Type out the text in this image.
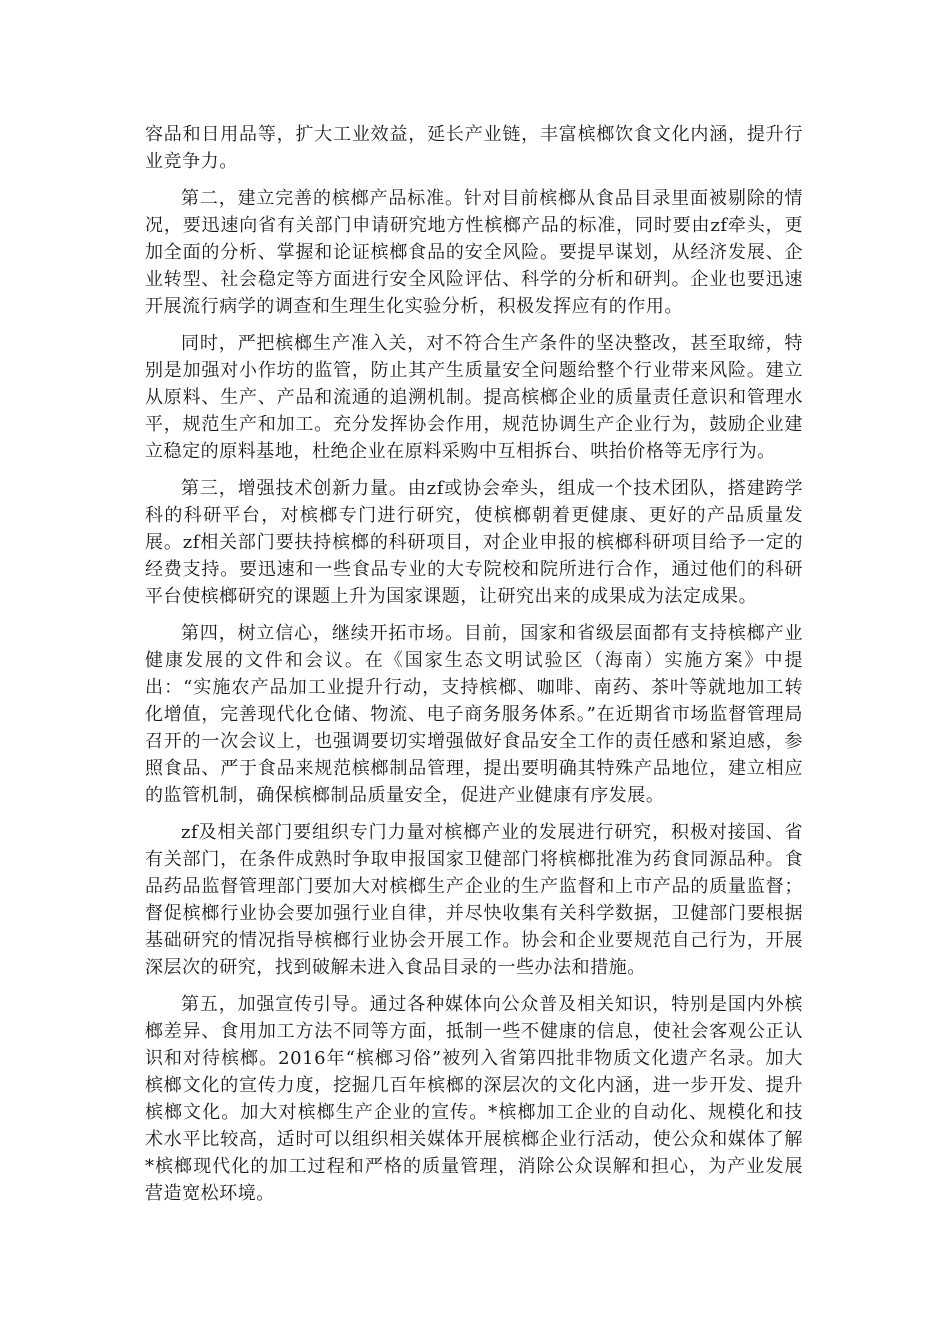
容品和日用品等，扩大工业效益，延长产业链，丰富槟榔饮食文化内涵，提升行业竞争力。

第二，建立完善的槟榔产品标准。针对目前槟榔从食品目录里面被剔除的情况，要迅速向省有关部门申请研究地方性槟榔产品的标准，同时要由zf牵头，更加全面的分析、掌握和论证槟榔食品的安全风险。要提早谋划，从经济发展、企业转型、社会稳定等方面进行安全风险评估、科学的分析和研判。企业也要迅速开展流行病学的调查和生理生化实验分析，积极发挥应有的作用。

同时，严把槟榔生产准入关，对不符合生产条件的坚决整改，甚至取缔，特别是加强对小作坊的监管，防止其产生质量安全问题给整个行业带来风险。建立从原料、生产、产品和流通的追溯机制。提高槟榔企业的质量责任意识和管理水平，规范生产和加工。充分发挥协会作用，规范协调生产企业行为，鼓励企业建立稳定的原料基地，杜绝企业在原料采购中互相拆台、哄抬价格等无序行为。

第三，增强技术创新力量。由zf或协会牵头，组成一个技术团队，搭建跨学科的科研平台，对槟榔专门进行研究，使槟榔朝着更健康、更好的产品质量发展。zf相关部门要扶持槟榔的科研项目，对企业申报的槟榔科研项目给予一定的经费支持。要迅速和一些食品专业的大专院校和院所进行合作，通过他们的科研平台使槟榔研究的课题上升为国家课题，让研究出来的成果成为法定成果。

第四，树立信心，继续开拓市场。目前，国家和省级层面都有支持槟榔产业健康发展的文件和会议。在《国家生态文明试验区（海南）实施方案》中提出：“实施农产品加工业提升行动，支持槟榔、咖啡、南药、茶叶等就地加工转化增值，完善现代化仓储、物流、电子商务服务体系。”在近期省市场监督管理局召开的一次会议上，也强调要切实增强做好食品安全工作的责任感和紧迫感，参照食品、严于食品来规范槟榔制品管理，提出要明确其特殊产品地位，建立相应的监管机制，确保槟榔制品质量安全，促进产业健康有序发展。

zf及相关部门要组织专门力量对槟榔产业的发展进行研究，积极对接国、省有关部门，在条件成熟时争取申报国家卫健部门将槟榔批准为药食同源品种。食品药品监督管理部门要加大对槟榔生产企业的生产监督和上市产品的质量监督；督促槟榔行业协会要加强行业自律，并尽快收集有关科学数据，卫健部门要根据基础研究的情况指导槟榔行业协会开展工作。协会和企业要规范自己行为，开展深层次的研究，找到破解未进入食品目录的一些办法和措施。

第五，加强宣传引导。通过各种媒体向公众普及相关知识，特别是国内外槟榔差异、食用加工方法不同等方面，抵制一些不健康的信息，使社会客观公正认识和对待槟榔。2016年“槟榔习俗”被列入省第四批非物质文化遗产名录。加大槟榔文化的宣传力度，挖掘几百年槟榔的深层次的文化内涵，进一步开发、提升槟榔文化。加大对槟榔生产企业的宣传。*槟榔加工企业的自动化、规模化和技术水平比较高，适时可以组织相关媒体开展槟榔企业行活动，使公众和媒体了解*槟榔现代化的加工过程和严格的质量管理，消除公众误解和担心，为产业发展营造宽松环境。
